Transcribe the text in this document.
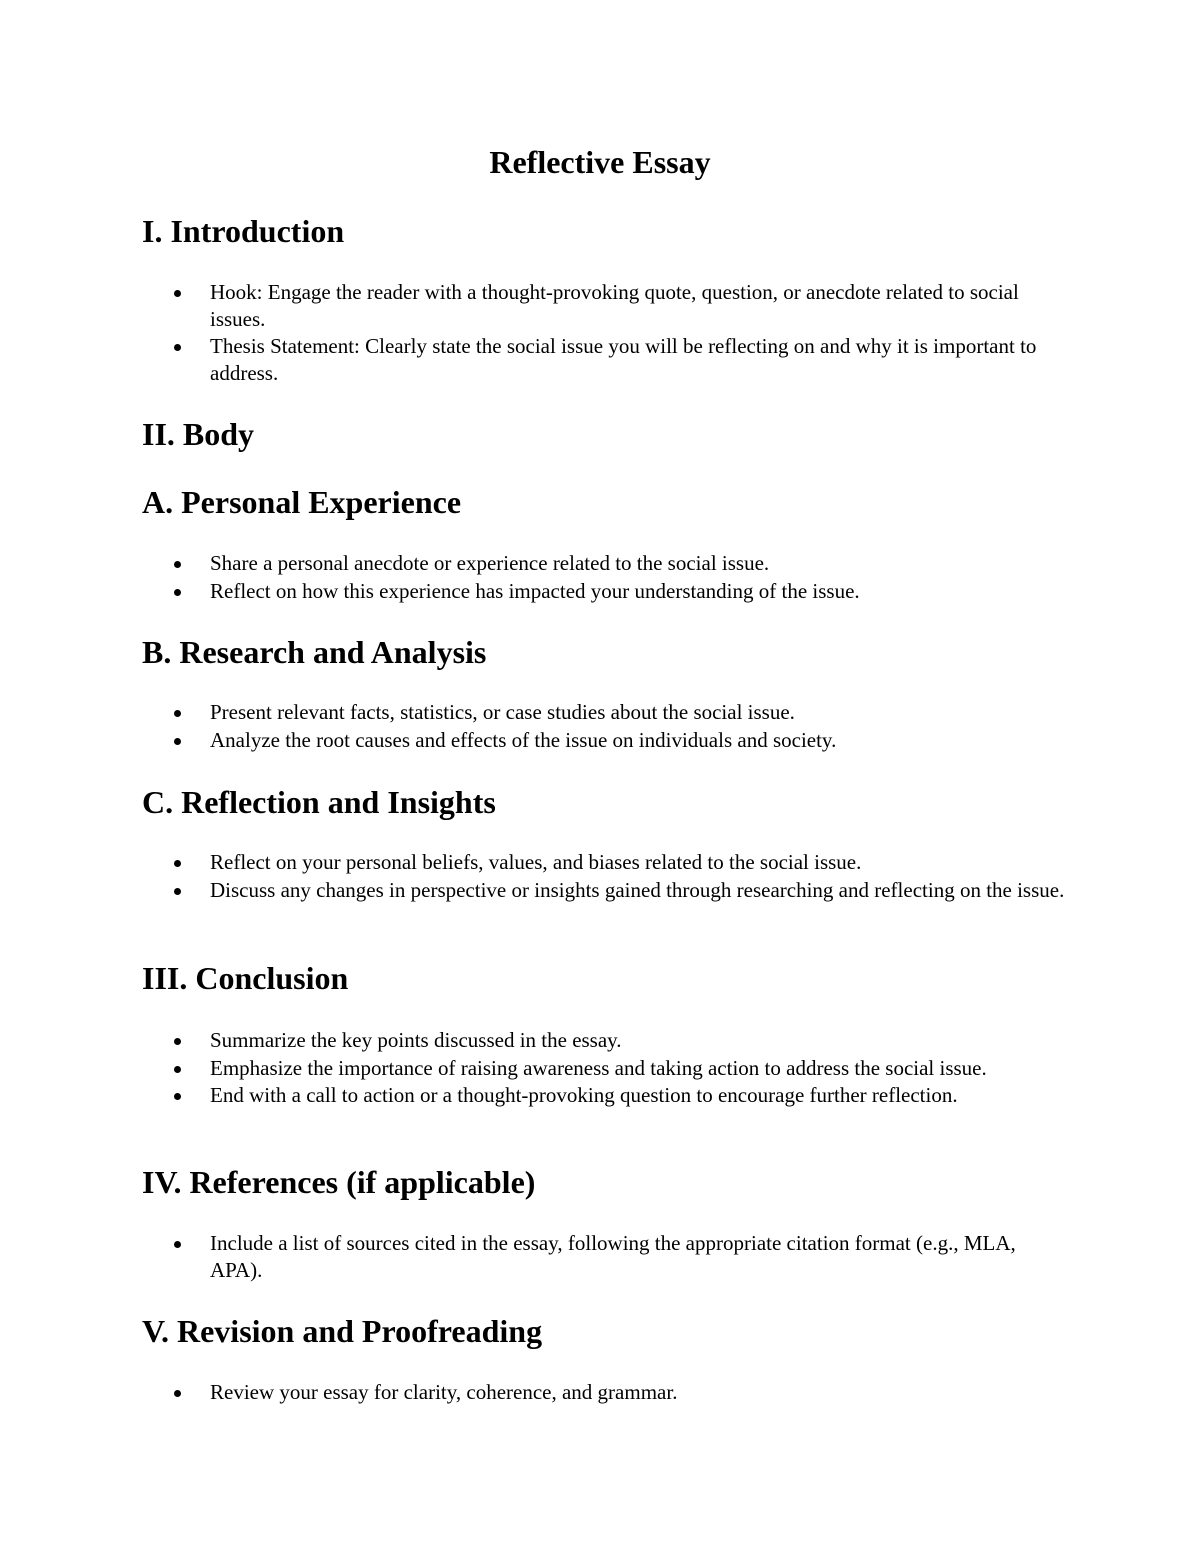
Reflective Essay
I. Introduction
Hook: Engage the reader with a thought-provoking quote, question, or anecdote related to social issues.
Thesis Statement: Clearly state the social issue you will be reflecting on and why it is important to address.
II. Body
A. Personal Experience
Share a personal anecdote or experience related to the social issue.
Reflect on how this experience has impacted your understanding of the issue.
B. Research and Analysis
Present relevant facts, statistics, or case studies about the social issue.
Analyze the root causes and effects of the issue on individuals and society.
C. Reflection and Insights
Reflect on your personal beliefs, values, and biases related to the social issue.
Discuss any changes in perspective or insights gained through researching and reflecting on the issue.
III. Conclusion
Summarize the key points discussed in the essay.
Emphasize the importance of raising awareness and taking action to address the social issue.
End with a call to action or a thought-provoking question to encourage further reflection.
IV. References (if applicable)
Include a list of sources cited in the essay, following the appropriate citation format (e.g., MLA, APA).
V. Revision and Proofreading
Review your essay for clarity, coherence, and grammar.
